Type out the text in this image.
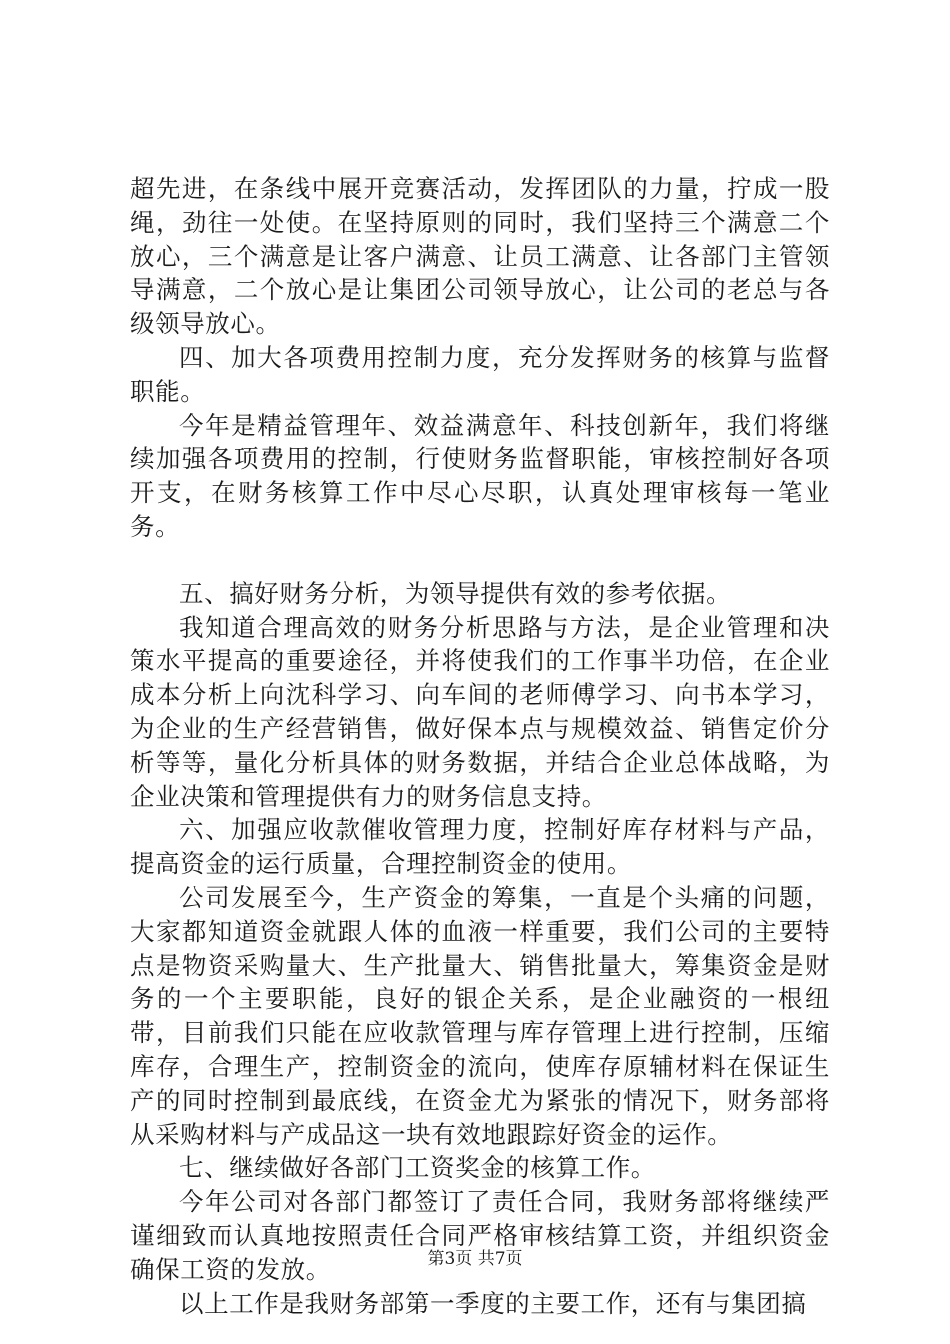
超先进，在条线中展开竞赛活动，发挥团队的力量，拧成一股绳，劲往一处使。在坚持原则的同时，我们坚持三个满意二个放心，三个满意是让客户满意、让员工满意、让各部门主管领导满意，二个放心是让集团公司领导放心，让公司的老总与各级领导放心。

四、加大各项费用控制力度，充分发挥财务的核算与监督职能。

今年是精益管理年、效益满意年、科技创新年，我们将继续加强各项费用的控制，行使财务监督职能，审核控制好各项开支，在财务核算工作中尽心尽职，认真处理审核每一笔业务。

五、搞好财务分析，为领导提供有效的参考依据。

我知道合理高效的财务分析思路与方法，是企业管理和决策水平提高的重要途径，并将使我们的工作事半功倍，在企业成本分析上向沈科学习、向车间的老师傅学习、向书本学习，为企业的生产经营销售，做好保本点与规模效益、销售定价分析等等，量化分析具体的财务数据，并结合企业总体战略，为企业决策和管理提供有力的财务信息支持。

六、加强应收款催收管理力度，控制好库存材料与产品，提高资金的运行质量，合理控制资金的使用。

公司发展至今，生产资金的筹集，一直是个头痛的问题，大家都知道资金就跟人体的血液一样重要，我们公司的主要特点是物资采购量大、生产批量大、销售批量大，筹集资金是财务的一个主要职能，良好的银企关系，是企业融资的一根纽带，目前我们只能在应收款管理与库存管理上进行控制，压缩库存，合理生产，控制资金的流向，使库存原辅材料在保证生产的同时控制到最底线，在资金尤为紧张的情况下，财务部将从采购材料与产成品这一块有效地跟踪好资金的运作。

七、继续做好各部门工资奖金的核算工作。

今年公司对各部门都签订了责任合同，我财务部将继续严谨细致而认真地按照责任合同严格审核结算工资，并组织资金确保工资的发放。

以上工作是我财务部第一季度的主要工作，还有与集团搞

第3页 共7页
